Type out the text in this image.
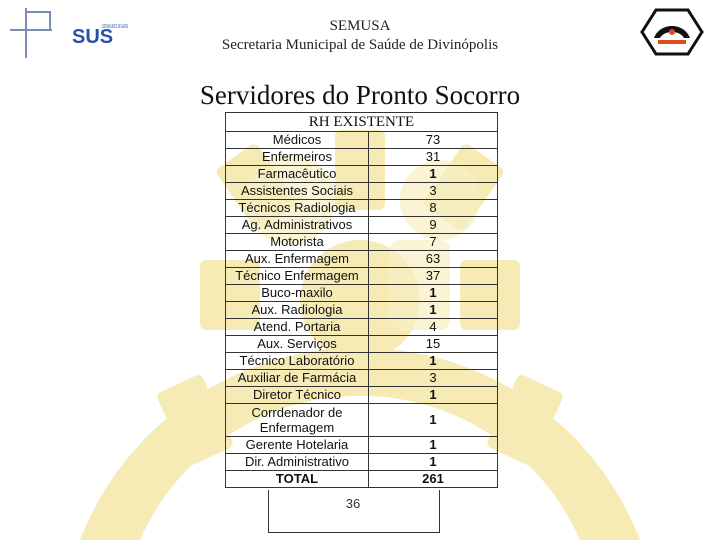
SUS
SISTEMA ÚNICO DE SAÚDE	SEMUSA
Secretaria Municipal de Saúde de Divinópolis
Servidores do Pronto Socorro
RH EXISTENTE	
Médicos	73
Enfermeiros	31
Farmacêutico	1
Assistentes Sociais	3
Técnicos Radiologia	8
Ag. Administrativos	9
Motorista	7
Aux. Enfermagem	63
Técnico Enfermagem	37
Buco-maxilo	1
Aux. Radiologia	1
Atend. Portaria	4
Aux. Serviços	15
Técnico Laboratório	1
Auxiliar de Farmácia	3
Diretor Técnico	1
Corrdenador de Enfermagem	1
Gerente Hotelaria	1
Dir. Administrativo	1
TOTAL	261
36
